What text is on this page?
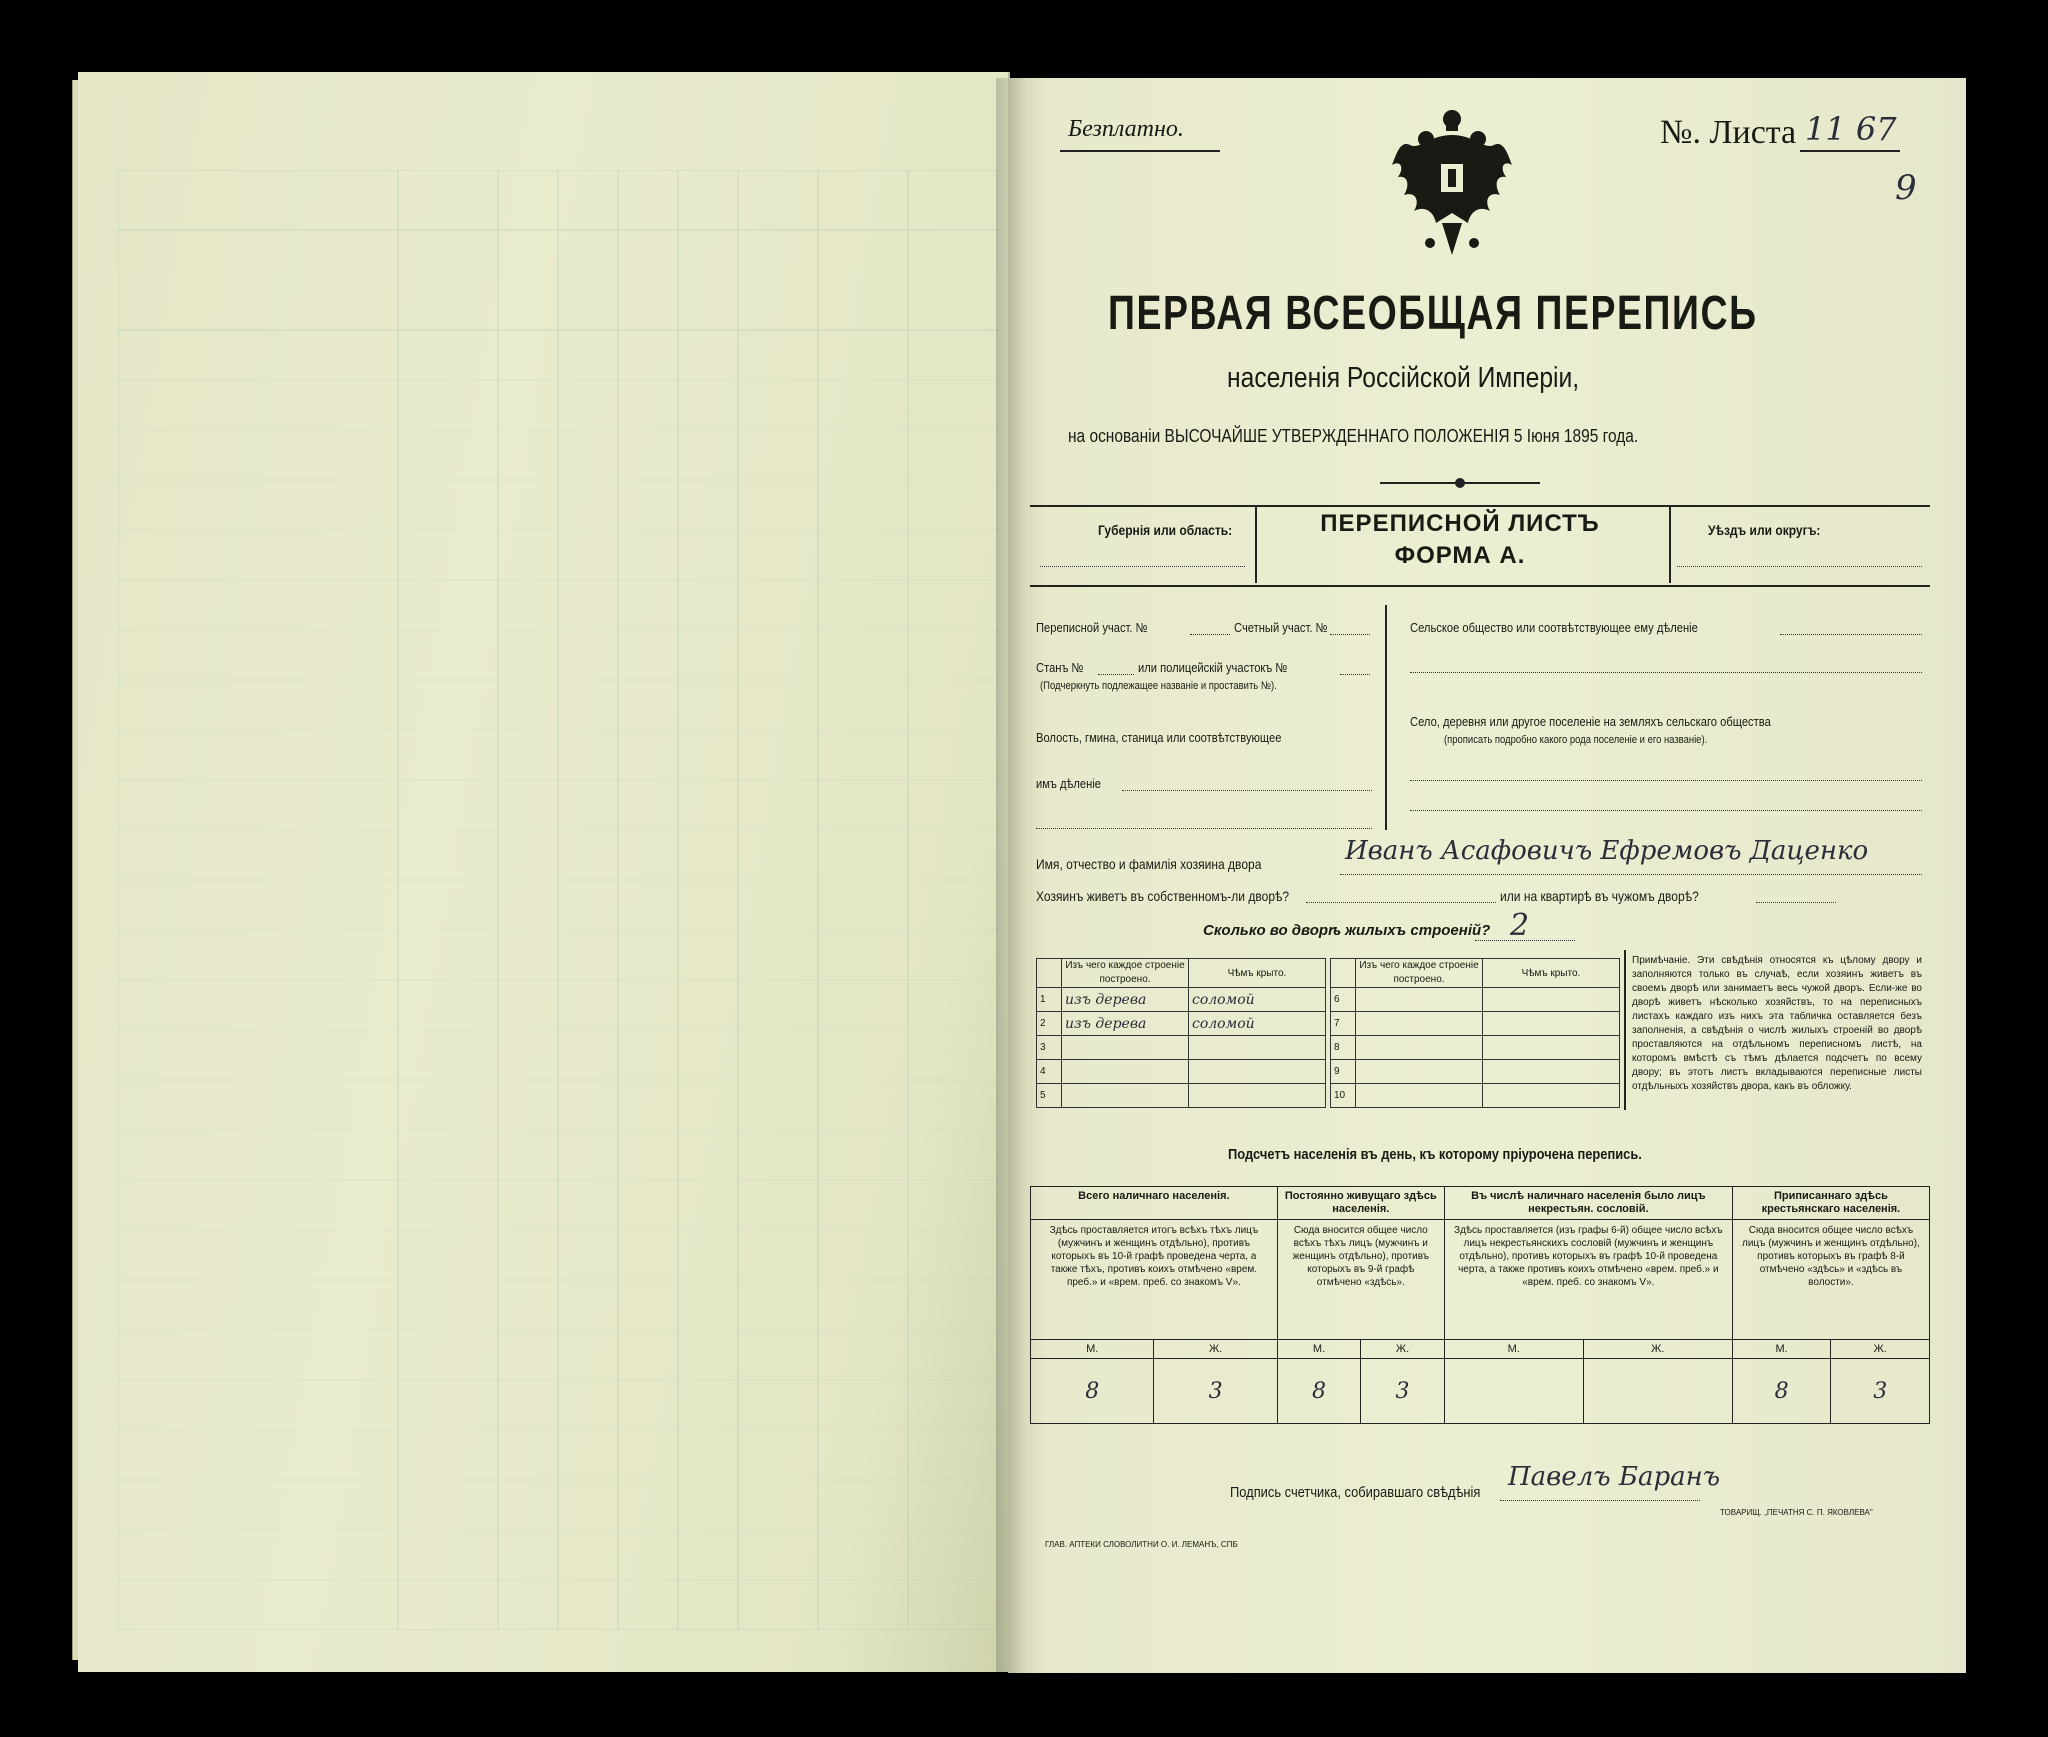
Безплатно.	№. Листа 11 67
9
ПЕРВАЯ ВСЕОБЩАЯ ПЕРЕПИСЬ
населенія Россійской Имперіи,
на основаніи ВЫСОЧАЙШЕ УТВЕРЖДЕННАГО ПОЛОЖЕНІЯ 5 Іюня 1895 года.
Губернія или область:	ПЕРЕПИСНОЙ ЛИСТЪ
ФОРМА А.
Уѣздъ или округъ:
Переписной участ. №	Счетный участ. №
Станъ №	или полицейскій участокъ №
(Подчеркнуть подлежащее названіе и проставить №).
Волость, гмина, станица или соотвѣтствующее
имъ дѣленіе
Сельское общество или соотвѣтствующее ему дѣленіе
Село, деревня или другое поселеніе на земляхъ сельскаго общества
(прописать подробно какого рода поселеніе и его названіе).
Имя, отчество и фамилія хозяина двора	Иванъ Асафовичъ Ефремовъ Даценко
Хозяинъ живетъ въ собственномъ-ли дворѣ?	или на квартирѣ въ чужомъ дворѣ?
Сколько во дворѣ жилыхъ строеній? 2
	Изъ чего каждое строеніе построено.	Чѣмъ крыто.
1	изъ дерева	соломой
2	изъ дерева	соломой
3		
4		
5		
	Изъ чего каждое строеніе построено.	Чѣмъ крыто.
6		
7		
8		
9		
10		
Примѣчаніе. Эти свѣдѣнія относятся къ цѣлому двору и заполняются только въ случаѣ, если хозяинъ живетъ въ своемъ дворѣ или занимаетъ весь чужой дворъ. Если-же во дворѣ живетъ нѣсколько хозяйствъ, то на переписныхъ листахъ каждаго изъ нихъ эта табличка оставляется безъ заполненія, а свѣдѣнія о числѣ жилыхъ строеній во дворѣ проставляются на отдѣльномъ переписномъ листѣ, на которомъ вмѣстѣ съ тѣмъ дѣлается подсчетъ по всему двору; въ этотъ листъ вкладываются переписные листы отдѣльныхъ хозяйствъ двора, какъ въ обложку.
Подсчетъ населенія въ день, къ которому пріурочена перепись.
Всего наличнаго населенія.		Постоянно живущаго здѣсь населенія.		Въ числѣ наличнаго населенія было лицъ некрестьян. сословій.		Приписаннаго здѣсь крестьянскаго населенія.	
Здѣсь проставляется итогъ всѣхъ тѣхъ лицъ (мужчинъ и женщинъ отдѣльно), противъ которыхъ въ 10-й графѣ проведена черта, а также тѣхъ, противъ коихъ отмѣчено «врем. преб.» и «врем. преб. со знакомъ V».		Сюда вносится общее число всѣхъ тѣхъ лицъ (мужчинъ и женщинъ отдѣльно), противъ которыхъ въ 9-й графѣ отмѣчено «здѣсь».		Здѣсь проставляется (изъ графы 6-й) общее число всѣхъ лицъ некрестьянскихъ сословій (мужчинъ и женщинъ отдѣльно), противъ которыхъ въ графѣ 10-й проведена черта, а также противъ коихъ отмѣчено «врем. преб.» и «врем. преб. со знакомъ V».		Сюда вносится общее число всѣхъ лицъ (мужчинъ и женщинъ отдѣльно), противъ которыхъ въ графѣ 8-й отмѣчено «здѣсь» и «здѣсь въ волости».	
М.	Ж.	М.	Ж.	М.	Ж.	М.	Ж.
8	3	8	3			8	3
Подпись счетчика, собиравшаго свѣдѣнія
Павелъ Баранъ
ГЛАВ. АПТЕКИ СЛОВОЛИТНИ О. И. ЛЕМАНЪ, СПБ
ТОВАРИЩ. „ПЕЧАТНЯ С. П. ЯКОВЛЕВА"
